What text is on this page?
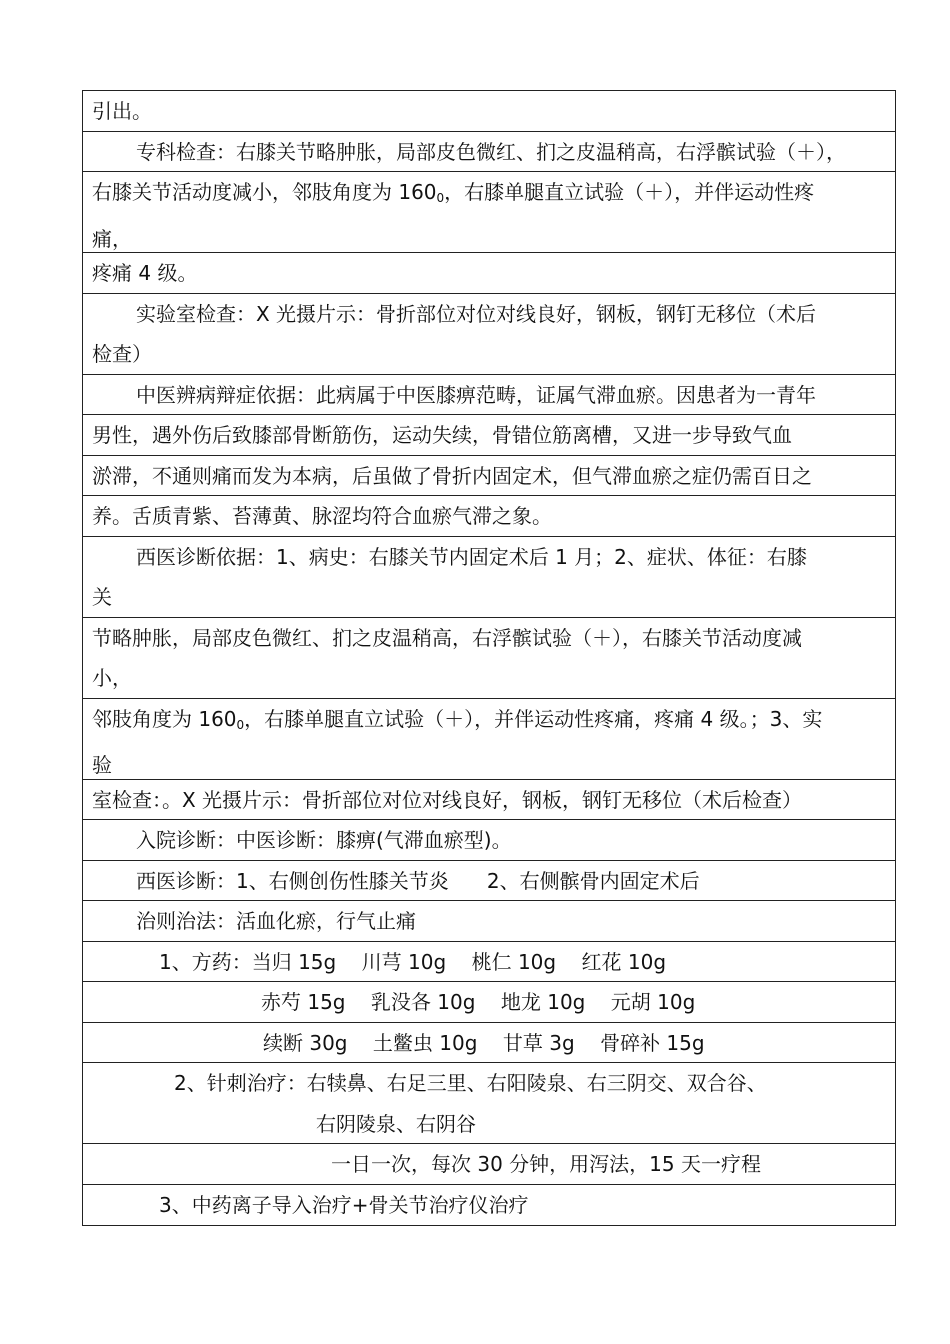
引出。
专科检查：右膝关节略肿胀，局部皮色微红、扪之皮温稍高，右浮髌试验（＋），
右膝关节活动度减小，邻肢角度为 $160_0$，右膝单腿直立试验（＋），并伴运动性疼
痛，
疼痛 4 级。
实验室检查：X 光摄片示：骨折部位对位对线良好，钢板，钢钉无移位（术后
检查）
中医辨病辩症依据：此病属于中医膝痹范畴，证属气滞血瘀。因患者为一青年
男性，遇外伤后致膝部骨断筋伤，运动失续，骨错位筋离槽，又进一步导致气血
淤滞，不通则痛而发为本病，后虽做了骨折内固定术，但气滞血瘀之症仍需百日之
养。舌质青紫、苔薄黄、脉涩均符合血瘀气滞之象。
西医诊断依据：1、病史：右膝关节内固定术后 1 月；2、症状、体征：右膝
关
节略肿胀，局部皮色微红、扪之皮温稍高，右浮髌试验（＋），右膝关节活动度减
小，
邻肢角度为 $160_0$，右膝单腿直立试验（＋），并伴运动性疼痛，疼痛 4 级。；3、实
验
室检查：。X 光摄片示：骨折部位对位对线良好，钢板，钢钉无移位（术后检查）
入院诊断：中医诊断：膝痹(气滞血瘀型)。
西医诊断：1、右侧创伤性膝关节炎      2、右侧髌骨内固定术后
治则治法：活血化瘀，行气止痛
1、方药：当归 15g    川芎 10g    桃仁 10g    红花 10g
赤芍 15g    乳没各 10g    地龙 10g    元胡 10g
续断 30g    土鳖虫 10g    甘草 3g    骨碎补 15g
2、针刺治疗：右犊鼻、右足三里、右阳陵泉、右三阴交、双合谷、
右阴陵泉、右阴谷
一日一次，每次 30 分钟，用泻法，15 天一疗程
3、中药离子导入治疗+骨关节治疗仪治疗
